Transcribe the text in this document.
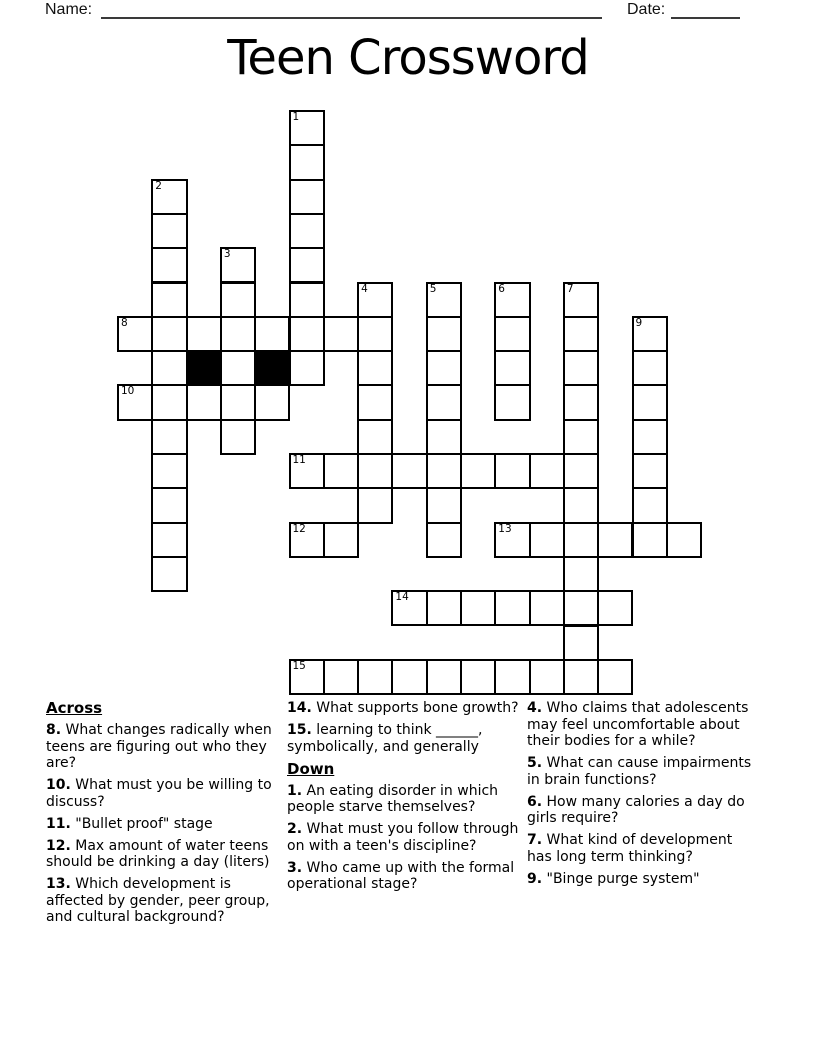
Name:	Date:
Teen Crossword
1
2
3
4	5	6	7
8	9
10
11
12	13
14
15
Across
8. What changes radically when teens are figuring out who they are?
10. What must you be willing to discuss?
11. "Bullet proof" stage
12. Max amount of water teens should be drinking a day (liters)
13. Which development is affected by gender, peer group, and cultural background?
14. What supports bone growth?
15. learning to think ______, symbolically, and generally
Down
1. An eating disorder in which people starve themselves?
2. What must you follow through on with a teen's discipline?
3. Who came up with the formal operational stage?
4. Who claims that adolescents may feel uncomfortable about their bodies for a while?
5. What can cause impairments in brain functions?
6. How many calories a day do girls require?
7. What kind of development has long term thinking?
9. "Binge purge system"
